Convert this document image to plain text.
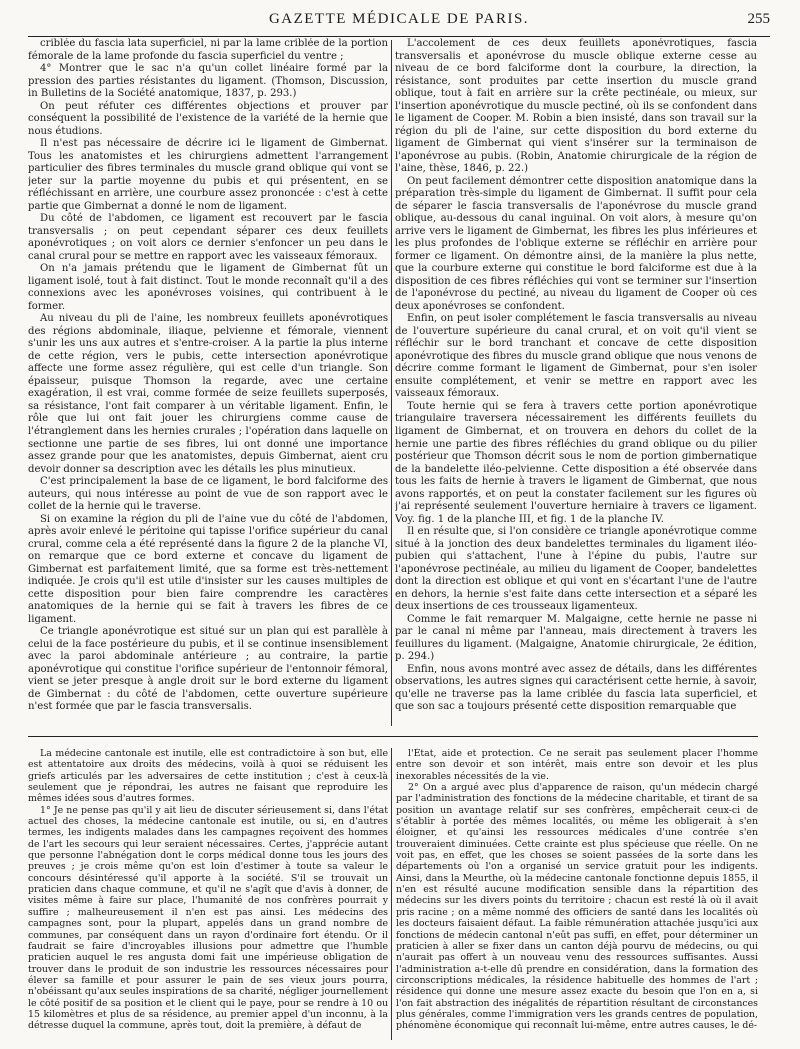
GAZETTE MÉDICALE DE PARIS.	255

criblée du fascia lata superficiel, ni par la lame criblée de la portion fémorale de la lame profonde du fascia superficiel du ventre ;

4° Montrer que le sac n'a qu'un collet linéaire formé par la pression des parties résistantes du ligament. (Thomson, Discussion, in Bulletins de la Société anatomique, 1837, p. 293.)

On peut réfuter ces différentes objections et prouver par conséquent la possibilité de l'existence de la variété de la hernie que nous étudions.

Il n'est pas nécessaire de décrire ici le ligament de Gimbernat. Tous les anatomistes et les chirurgiens admettent l'arrangement particulier des fibres terminales du muscle grand oblique qui vont se jeter sur la partie moyenne du pubis et qui présentent, en se réfléchissant en arrière, une courbure assez prononcée : c'est à cette partie que Gimbernat a donné le nom de ligament.

Du côté de l'abdomen, ce ligament est recouvert par le fascia transversalis ; on peut cependant séparer ces deux feuillets aponévrotiques ; on voit alors ce dernier s'enfoncer un peu dans le canal crural pour se mettre en rapport avec les vaisseaux fémoraux.

On n'a jamais prétendu que le ligament de Gimbernat fût un ligament isolé, tout à fait distinct. Tout le monde reconnaît qu'il a des connexions avec les aponévroses voisines, qui contribuent à le former.

Au niveau du pli de l'aine, les nombreux feuillets aponévrotiques des régions abdominale, iliaque, pelvienne et fémorale, viennent s'unir les uns aux autres et s'entre-croiser. A la partie la plus interne de cette région, vers le pubis, cette intersection aponévrotique affecte une forme assez régulière, qui est celle d'un triangle. Son épaisseur, puisque Thomson la regarde, avec une certaine exagération, il est vrai, comme formée de seize feuillets superposés, sa résistance, l'ont fait comparer à un véritable ligament. Enfin, le rôle que lui ont fait jouer les chirurgiens comme cause de l'étranglement dans les hernies crurales ; l'opération dans laquelle on sectionne une partie de ses fibres, lui ont donné une importance assez grande pour que les anatomistes, depuis Gimbernat, aient cru devoir donner sa description avec les détails les plus minutieux.

C'est principalement la base de ce ligament, le bord falciforme des auteurs, qui nous intéresse au point de vue de son rapport avec le collet de la hernie qui le traverse.

Si on examine la région du pli de l'aine vue du côté de l'abdomen, après avoir enlevé le péritoine qui tapisse l'orifice supérieur du canal crural, comme cela a été représenté dans la figure 2 de la planche VI, on remarque que ce bord externe et concave du ligament de Gimbernat est parfaitement limité, que sa forme est très-nettement indiquée. Je crois qu'il est utile d'insister sur les causes multiples de cette disposition pour bien faire comprendre les caractères anatomiques de la hernie qui se fait à travers les fibres de ce ligament.

Ce triangle aponévrotique est situé sur un plan qui est parallèle à celui de la face postérieure du pubis, et il se continue insensiblement avec la paroi abdominale antérieure ; au contraire, la partie aponévrotique qui constitue l'orifice supérieur de l'entonnoir fémoral, vient se jeter presque à angle droit sur le bord externe du ligament de Gimbernat : du côté de l'abdomen, cette ouverture supérieure n'est formée que par le fascia transversalis.

L'accolement de ces deux feuillets aponévrotiques, fascia transversalis et aponévrose du muscle oblique externe cesse au niveau de ce bord falciforme dont la courbure, la direction, la résistance, sont produites par cette insertion du muscle grand oblique, tout à fait en arrière sur la crête pectinéale, ou mieux, sur l'insertion aponévrotique du muscle pectiné, où ils se confondent dans le ligament de Cooper. M. Robin a bien insisté, dans son travail sur la région du pli de l'aine, sur cette disposition du bord externe du ligament de Gimbernat qui vient s'insérer sur la terminaison de l'aponévrose au pubis. (Robin, Anatomie chirurgicale de la région de l'aine, thèse, 1846, p. 22.)

On peut facilement démontrer cette disposition anatomique dans la préparation très-simple du ligament de Gimbernat. Il suffit pour cela de séparer le fascia transversalis de l'aponévrose du muscle grand oblique, au-dessous du canal inguinal. On voit alors, à mesure qu'on arrive vers le ligament de Gimbernat, les fibres les plus inférieures et les plus profondes de l'oblique externe se réfléchir en arrière pour former ce ligament. On démontre ainsi, de la manière la plus nette, que la courbure externe qui constitue le bord falciforme est due à la disposition de ces fibres réfléchies qui vont se terminer sur l'insertion de l'aponévrose du pectiné, au niveau du ligament de Cooper où ces deux aponévroses se confondent.

Enfin, on peut isoler complétement le fascia transversalis au niveau de l'ouverture supérieure du canal crural, et on voit qu'il vient se réfléchir sur le bord tranchant et concave de cette disposition aponévrotique des fibres du muscle grand oblique que nous venons de décrire comme formant le ligament de Gimbernat, pour s'en isoler ensuite complétement, et venir se mettre en rapport avec les vaisseaux fémoraux.

Toute hernie qui se fera à travers cette portion aponévrotique triangulaire traversera nécessairement les différents feuillets du ligament de Gimbernat, et on trouvera en dehors du collet de la hernie une partie des fibres réfléchies du grand oblique ou du pilier postérieur que Thomson décrit sous le nom de portion gimbernatique de la bandelette iléo-pelvienne. Cette disposition a été observée dans tous les faits de hernie à travers le ligament de Gimbernat, que nous avons rapportés, et on peut la constater facilement sur les figures où j'ai représenté seulement l'ouverture herniaire à travers ce ligament. Voy. fig. 1 de la planche III, et fig. 1 de la planche IV.

Il en résulte que, si l'on considère ce triangle aponévrotique comme situé à la jonction des deux bandelettes terminales du ligament iléo-pubien qui s'attachent, l'une à l'épine du pubis, l'autre sur l'aponévrose pectinéale, au milieu du ligament de Cooper, bandelettes dont la direction est oblique et qui vont en s'écartant l'une de l'autre en dehors, la hernie s'est faite dans cette intersection et a séparé les deux insertions de ces trousseaux ligamenteux.

Comme le fait remarquer M. Malgaigne, cette hernie ne passe ni par le canal ni même par l'anneau, mais directement à travers les feuillures du ligament. (Malgaigne, Anatomie chirurgicale, 2e édition, p. 294.)

Enfin, nous avons montré avec assez de détails, dans les différentes observations, les autres signes qui caractérisent cette hernie, à savoir, qu'elle ne traverse pas la lame criblée du fascia lata superficiel, et que son sac a toujours présenté cette disposition remarquable que

La médecine cantonale est inutile, elle est contradictoire à son but, elle est attentatoire aux droits des médecins, voilà à quoi se réduisent les griefs articulés par les adversaires de cette institution ; c'est à ceux-là seulement que je répondrai, les autres ne faisant que reproduire les mêmes idées sous d'autres formes.

1° Je ne pense pas qu'il y ait lieu de discuter sérieusement si, dans l'état actuel des choses, la médecine cantonale est inutile, ou si, en d'autres termes, les indigents malades dans les campagnes reçoivent des hommes de l'art les secours qui leur seraient nécessaires. Certes, j'apprécie autant que personne l'abnégation dont le corps médical donne tous les jours des preuves ; je crois même qu'on est loin d'estimer à toute sa valeur le concours désintéressé qu'il apporte à la société. S'il se trouvait un praticien dans chaque commune, et qu'il ne s'agît que d'avis à donner, de visites même à faire sur place, l'humanité de nos confrères pourrait y suffire ; malheureusement il n'en est pas ainsi. Les médecins des campagnes sont, pour la plupart, appelés dans un grand nombre de communes, par conséquent dans un rayon d'ordinaire fort étendu. Or il faudrait se faire d'incroyables illusions pour admettre que l'humble praticien auquel le res angusta domi fait une impérieuse obligation de trouver dans le produit de son industrie les ressources nécessaires pour élever sa famille et pour assurer le pain de ses vieux jours pourra, n'obéissant qu'aux seules inspirations de sa charité, négliger journellement le côté positif de sa position et le client qui le paye, pour se rendre à 10 ou 15 kilomètres et plus de sa résidence, au premier appel d'un inconnu, à la détresse duquel la commune, après tout, doit la première, à défaut de

l'État, aide et protection. Ce ne serait pas seulement placer l'homme entre son devoir et son intérêt, mais entre son devoir et les plus inexorables nécessités de la vie.

2° On a argué avec plus d'apparence de raison, qu'un médecin chargé par l'administration des fonctions de la médecine charitable, et tirant de sa position un avantage relatif sur ses confrères, empêcherait ceux-ci de s'établir à portée des mêmes localités, ou même les obligerait à s'en éloigner, et qu'ainsi les ressources médicales d'une contrée s'en trouveraient diminuées. Cette crainte est plus spécieuse que réelle. On ne voit pas, en effet, que les choses se soient passées de la sorte dans les départements où l'on a organisé un service gratuit pour les indigents. Ainsi, dans la Meurthe, où la médecine cantonale fonctionne depuis 1855, il n'en est résulté aucune modification sensible dans la répartition des médecins sur les divers points du territoire ; chacun est resté là où il avait pris racine ; on a même nommé des officiers de santé dans les localités où les docteurs faisaient défaut. La faible rémunération attachée jusqu'ici aux fonctions de médecin cantonal n'eût pas suffi, en effet, pour déterminer un praticien à aller se fixer dans un canton déjà pourvu de médecins, ou qui n'aurait pas offert à un nouveau venu des ressources suffisantes. Aussi l'administration a-t-elle dû prendre en considération, dans la formation des circonscriptions médicales, la résidence habituelle des hommes de l'art ; résidence qui donne une mesure assez exacte du besoin que l'on en a, si l'on fait abstraction des inégalités de répartition résultant de circonstances plus générales, comme l'immigration vers les grands centres de population, phénomène économique qui reconnaît lui-même, entre autres causes, le dé-
